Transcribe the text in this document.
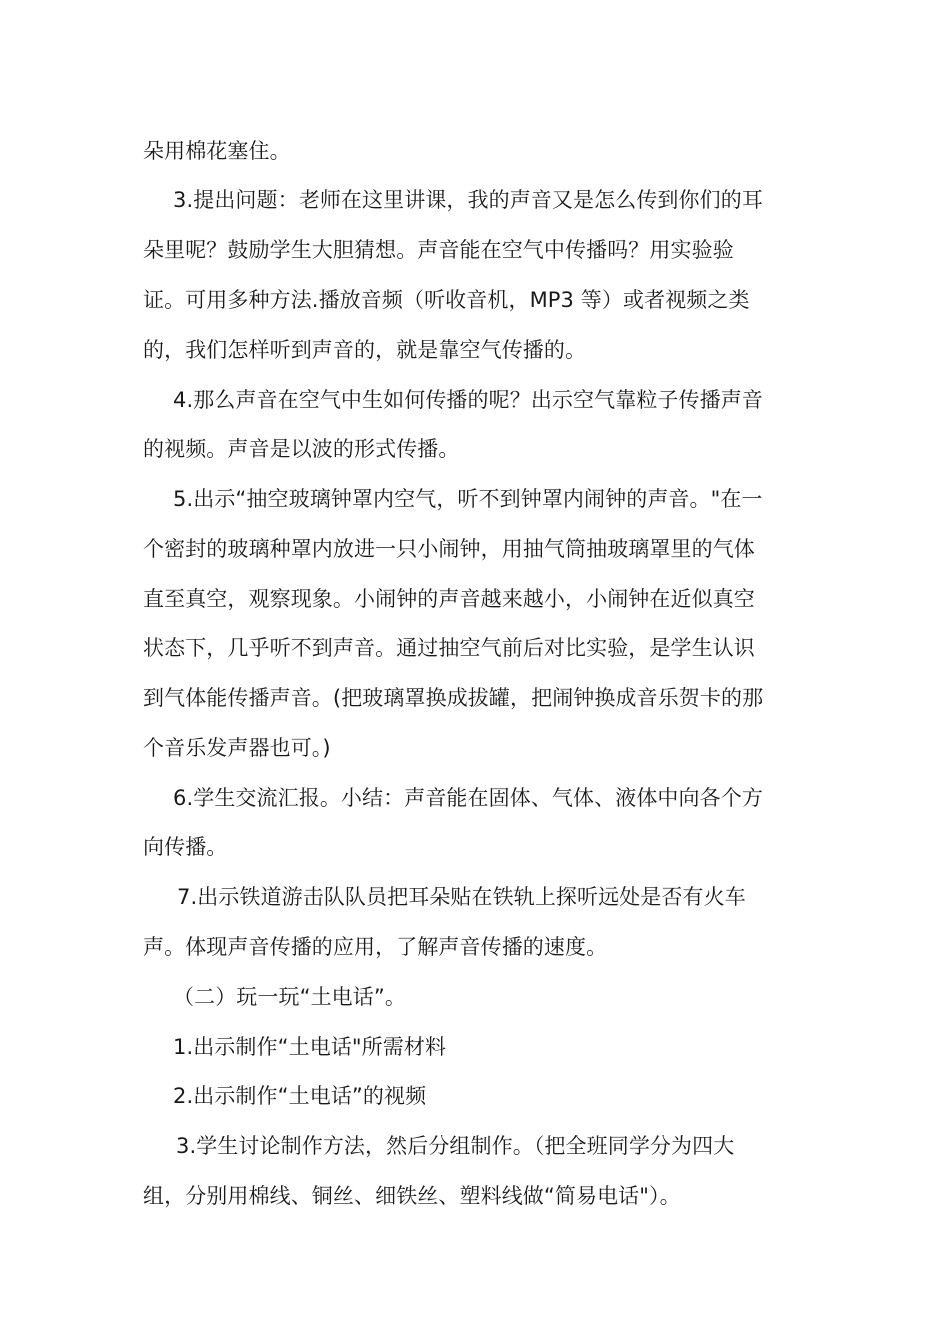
朵用棉花塞住。
3.提出问题：老师在这里讲课，我的声音又是怎么传到你们的耳
朵里呢？鼓励学生大胆猜想。声音能在空气中传播吗？用实验验
证。可用多种方法.播放音频（听收音机，MP3 等）或者视频之类
的，我们怎样听到声音的，就是靠空气传播的。
4.那么声音在空气中生如何传播的呢？出示空气靠粒子传播声音
的视频。声音是以波的形式传播。
5.出示“抽空玻璃钟罩内空气，听不到钟罩内闹钟的声音。"在一
个密封的玻璃种罩内放进一只小闹钟，用抽气筒抽玻璃罩里的气体
直至真空，观察现象。小闹钟的声音越来越小，小闹钟在近似真空
状态下，几乎听不到声音。通过抽空气前后对比实验，是学生认识
到气体能传播声音。(把玻璃罩换成拔罐，把闹钟换成音乐贺卡的那
个音乐发声器也可。)
6.学生交流汇报。小结：声音能在固体、气体、液体中向各个方
向传播。
7.出示铁道游击队队员把耳朵贴在铁轨上探听远处是否有火车
声。体现声音传播的应用，了解声音传播的速度。
（二）玩一玩“土电话”。
1.出示制作“土电话"所需材料
2.出示制作“土电话”的视频
3.学生讨论制作方法，然后分组制作。（把全班同学分为四大
组，分别用棉线、铜丝、细铁丝、塑料线做“简易电话"）。
